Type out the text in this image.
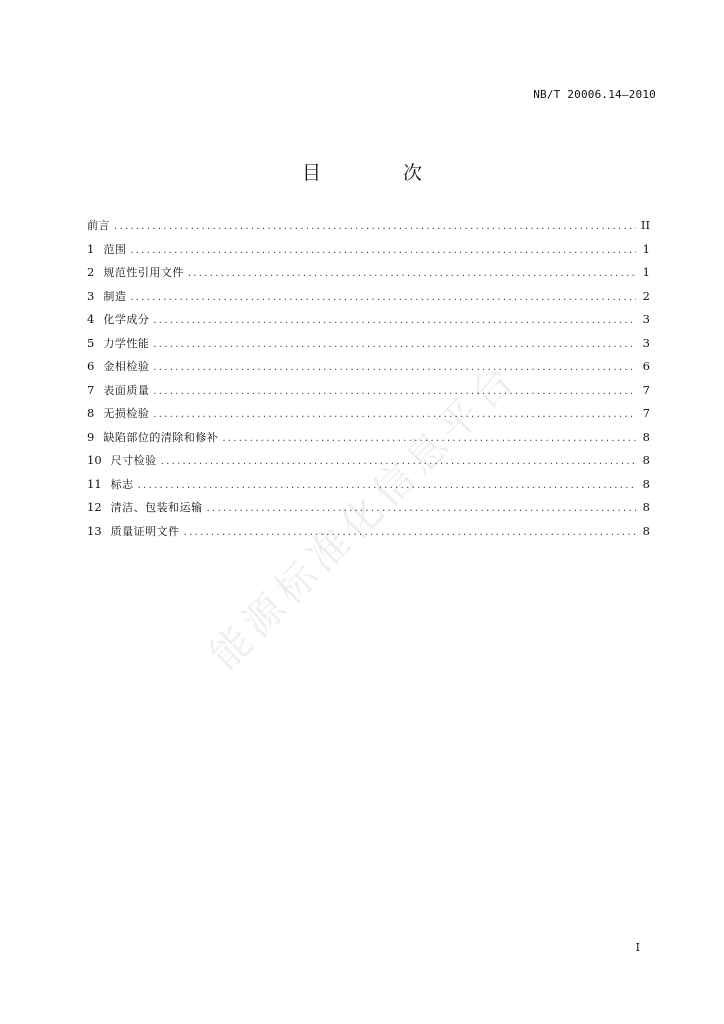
NB/T 20006.14—2010
目 次
前言 .....	II
1 范围 .....	1
2 规范性引用文件 .....	1
3 制造 .....	2
4 化学成分 .....	3
5 力学性能 .....	3
6 金相检验 .....	6
7 表面质量 .....	7
8 无损检验 .....	7
9 缺陷部位的清除和修补 .....	8
10 尺寸检验 .....	8
11 标志 .....	8
12 清洁、包装和运输 .....	8
13 质量证明文件 .....	8
能源标准化信息平台
I
